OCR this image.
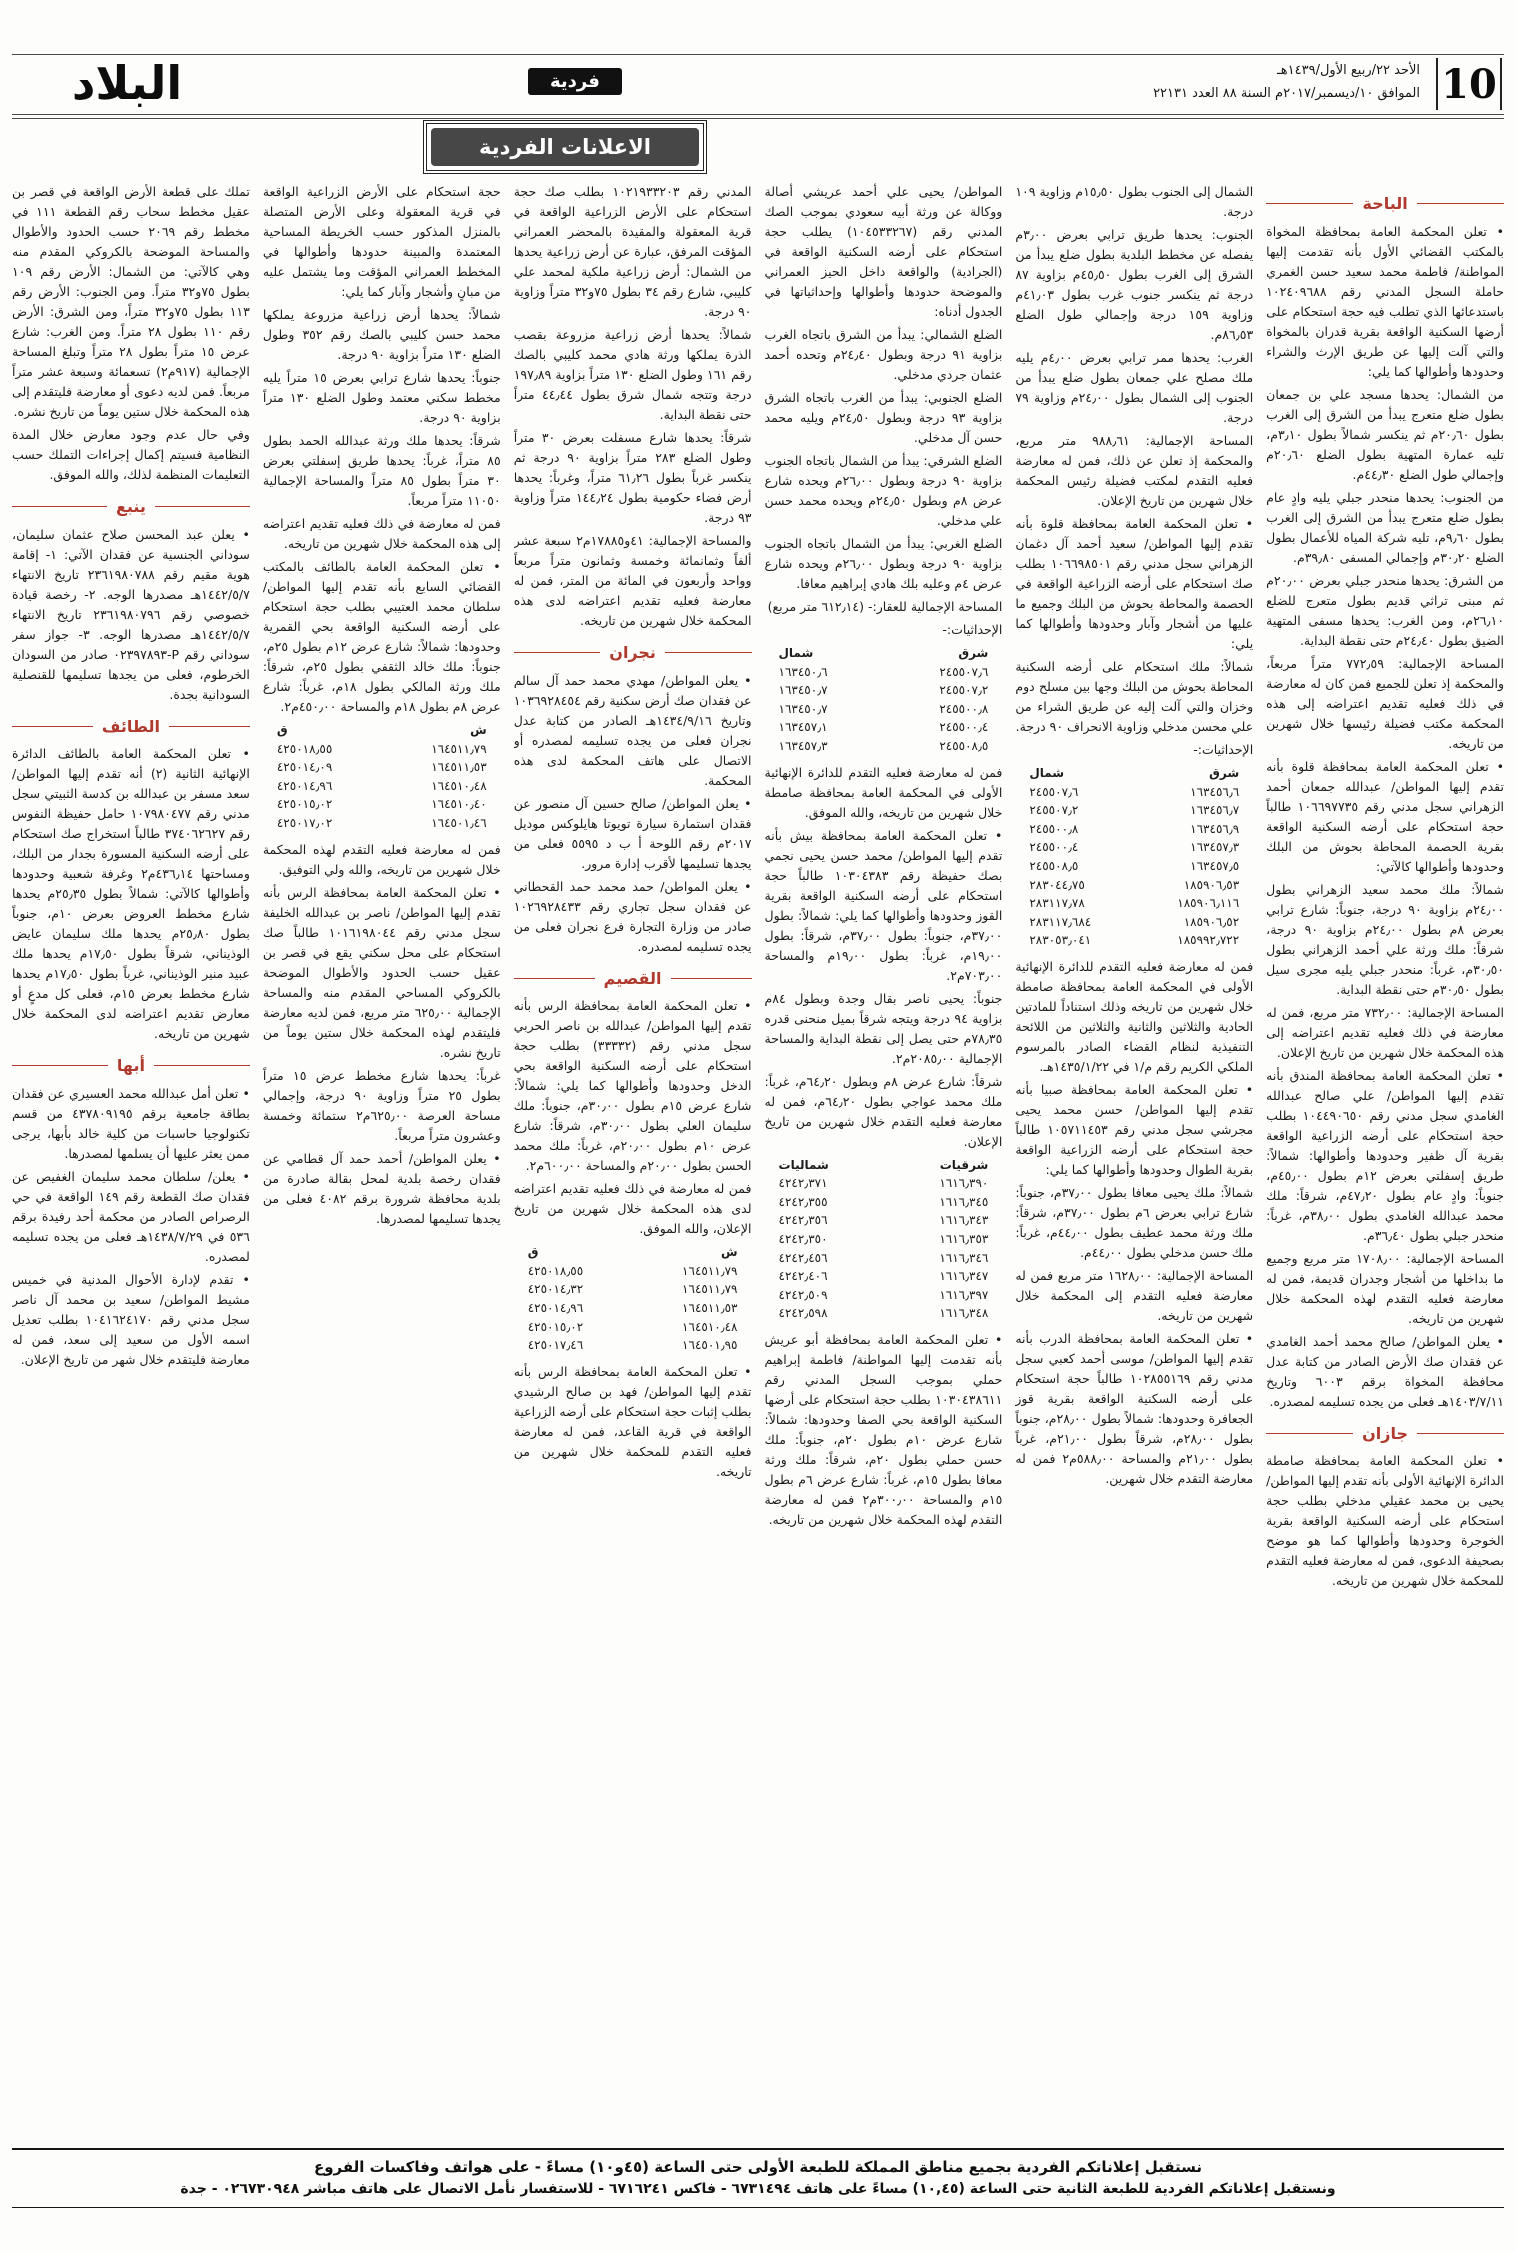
البلاد	فردية
الأحد ٢٢/ربيع الأول/١٤٣٩هـ
الموافق ١٠/ديسمبر/٢٠١٧م السنة ٨٨ العدد ٢٢١٣١ 10
الاعلانات الفردية
الباحة

• تعلن المحكمة العامة بمحافظة المخواة بالمكتب القضائي الأول بأنه تقدمت إليها المواطنة/ فاطمة محمد سعيد حسن الغمري حاملة السجل المدني رقم ١٠٢٤٠٩٦٨٨ باستدعائها الذي تطلب فيه حجة استحكام على أرضها السكنية الواقعة بقرية قدران بالمخواة والتي آلت إليها عن طريق الإرث والشراء وحدودها وأطوالها كما يلي:

من الشمال: يحدها مسجد علي بن جمعان بطول ضلع متعرج يبدأ من الشرق إلى الغرب بطول ٢٠٫٦٠م ثم ينكسر شمالاً بطول ٣٫١٠م، تليه عمارة المتهية بطول الضلع ٢٠٫٦٠م وإجمالي طول الضلع ٤٤٫٣٠م.

من الجنوب: يحدها منحدر جبلي يليه وادٍ عام بطول ضلع متعرج يبدأ من الشرق إلى الغرب بطول ٩٫٦٠م، تليه شركة المياه للأعمال بطول الضلع ٣٠٫٢٠م وإجمالي المسفى ٣٩٫٨٠م.

من الشرق: يحدها منحدر جبلي بعرض ٢٠٫٠٠م ثم مبنى تراثي قديم بطول متعرج للضلع ٢٦٫١٠م، ومن الغرب: يحدها مسفى المتهية الضيق بطول ٢٤٫٤٠م حتى نقطة البداية.

المساحة الإجمالية: ٧٧٢٫٥٩ متراً مربعاً، والمحكمة إذ تعلن للجميع فمن كان له معارضة في ذلك فعليه تقديم اعتراضه إلى هذه المحكمة مكتب فضيلة رئيسها خلال شهرين من تاريخه.

• تعلن المحكمة العامة بمحافظة قلوة بأنه تقدم إليها المواطن/ عبدالله جمعان أحمد الزهراني سجل مدني رقم ١٠٦٦٩٧٧٣٥ طالباً حجة استحكام على أرضه السكنية الواقعة بقرية الحصمة المحاطة بحوش من البلك وحدودها وأطوالها كالآتي:

شمالاً: ملك محمد سعيد الزهراني بطول ٢٤٫٠٠م بزاوية ٩٠ درجة، جنوباً: شارع ترابي بعرض ٨م بطول ٢٤٫٠٠م بزاوية ٩٠ درجة، شرقاً: ملك ورثة علي أحمد الزهراني بطول ٣٠٫٥٠م، غرباً: منحدر جبلي يليه مجرى سيل بطول ٣٠٫٥٠م حتى نقطة البداية.

المساحة الإجمالية: ٧٣٢٫٠٠ متر مربع، فمن له معارضة في ذلك فعليه تقديم اعتراضه إلى هذه المحكمة خلال شهرين من تاريخ الإعلان.

• تعلن المحكمة العامة بمحافظة المندق بأنه تقدم إليها المواطن/ علي صالح عبدالله الغامدي سجل مدني رقم ١٠٤٤٩٠٦٥٠ بطلب حجة استحكام على أرضه الزراعية الواقعة بقرية آل ظفير وحدودها وأطوالها: شمالاً: طريق إسفلتي بعرض ١٢م بطول ٤٥٫٠٠م، جنوباً: وادٍ عام بطول ٤٧٫٢٠م، شرقاً: ملك محمد عبدالله الغامدي بطول ٣٨٫٠٠م، غرباً: منحدر جبلي بطول ٣٦٫٤٠م.

المساحة الإجمالية: ١٧٠٨٫٠٠ متر مربع وجميع ما بداخلها من أشجار وجدران قديمة، فمن له معارضة فعليه التقدم لهذه المحكمة خلال شهرين من تاريخه.

• يعلن المواطن/ صالح محمد أحمد الغامدي عن فقدان صك الأرض الصادر من كتابة عدل محافظة المخواة برقم ٦٠٠٣ وتاريخ ١٤٠٣/٧/١١هـ فعلى من يجده تسليمه لمصدره.

جازان

• تعلن المحكمة العامة بمحافظة صامطة الدائرة الإنهائية الأولى بأنه تقدم إليها المواطن/ يحيى بن محمد عقيلي مدخلي بطلب حجة استحكام على أرضه السكنية الواقعة بقرية الخوجرة وحدودها وأطوالها كما هو موضح بصحيفة الدعوى، فمن له معارضة فعليه التقدم للمحكمة خلال شهرين من تاريخه.

الشمال إلى الجنوب بطول ١٥٫٥٠م وزاوية ١٠٩ درجة.

الجنوب: يحدها طريق ترابي بعرض ٣٫٠٠م يفصله عن مخطط البلدية بطول ضلع يبدأ من الشرق إلى الغرب بطول ٤٥٫٥٠م بزاوية ٨٧ درجة ثم ينكسر جنوب غرب بطول ٤١٫٠٣م وزاوية ١٥٩ درجة وإجمالي طول الضلع ٨٦٫٥٣م.

الغرب: يحدها ممر ترابي بعرض ٤٫٠٠م يليه ملك مصلح علي جمعان بطول ضلع يبدأ من الجنوب إلى الشمال بطول ٢٤٫٠٠م وزاوية ٧٩ درجة.

المساحة الإجمالية: ٩٨٨٫٦١ متر مربع، والمحكمة إذ تعلن عن ذلك، فمن له معارضة فعليه التقدم لمكتب فضيلة رئيس المحكمة خلال شهرين من تاريخ الإعلان.

• تعلن المحكمة العامة بمحافظة قلوة بأنه تقدم إليها المواطن/ سعيد أحمد آل دغمان الزهراني سجل مدني رقم ١٠٦٦٩٨٥٠١ بطلب صك استحكام على أرضه الزراعية الواقعة في الحصمة والمحاطة بحوش من البلك وجميع ما عليها من أشجار وآبار وحدودها وأطوالها كما يلي:

شمالاً: ملك استحكام على أرضه السكنية المحاطة بحوش من البلك وجها بين مسلح دوم وخزان والتي آلت إليه عن طريق الشراء من علي محسن مدخلي وزاوية الانحراف ٩٠ درجة.

الإحداثيات:-

شمال	شرق
٢٤٥٥٠٧٫٦	١٦٣٤٥٦٫٦
٢٤٥٥٠٧٫٢	١٦٣٤٥٦٫٧
٢٤٥٥٠٠٫٨	١٦٣٤٥٦٫٩
٢٤٥٥٠٠٫٤	١٦٣٤٥٧٫٣
٢٤٥٥٠٨٫٥	١٦٣٤٥٧٫٥
٢٨٣٠٤٤٫٧٥	١٨٥٩٠٦٫٥٣
٢٨٣١١٧٫٧٨	١٨٥٩٠٦٫١١٦
٢٨٣١١٧٫٦٨٤	١٨٥٩٠٦٫٥٢
٢٨٣٠٥٣٫٠٤١	١٨٥٩٩٢٫٧٢٢

فمن له معارضة فعليه التقدم للدائرة الإنهائية الأولى في المحكمة العامة بمحافظة صامطة خلال شهرين من تاريخه وذلك استناداً للمادتين الحادية والثلاثين والثانية والثلاثين من اللائحة التنفيذية لنظام القضاء الصادر بالمرسوم الملكي الكريم رقم م/١ في ١٤٣٥/١/٢٢هـ.

• تعلن المحكمة العامة بمحافظة صبيا بأنه تقدم إليها المواطن/ حسن محمد يحيى مجرشي سجل مدني رقم ١٠٥٧١١٤٥٣ طالباً حجة استحكام على أرضه الزراعية الواقعة بقرية الطوال وحدودها وأطوالها كما يلي:

شمالاً: ملك يحيى معافا بطول ٣٧٫٠٠م، جنوباً: شارع ترابي بعرض ٦م بطول ٣٧٫٠٠م، شرقاً: ملك ورثة محمد عطيف بطول ٤٤٫٠٠م، غرباً: ملك حسن مدخلي بطول ٤٤٫٠٠م.

المساحة الإجمالية: ١٦٢٨٫٠٠ متر مربع فمن له معارضة فعليه التقدم إلى المحكمة خلال شهرين من تاريخه.

• تعلن المحكمة العامة بمحافظة الدرب بأنه تقدم إليها المواطن/ موسى أحمد كعبي سجل مدني رقم ١٠٢٨٥٥١٦٩ طالباً حجة استحكام على أرضه السكنية الواقعة بقرية قوز الجعافرة وحدودها: شمالاً بطول ٢٨٫٠٠م، جنوباً بطول ٢٨٫٠٠م، شرقاً بطول ٢١٫٠٠م، غرباً بطول ٢١٫٠٠م والمساحة ٥٨٨٫٠٠م٢ فمن له معارضة التقدم خلال شهرين.

المواطن/ يحيى علي أحمد عريشي أصالة ووكالة عن ورثة أبيه سعودي بموجب الصك المدني رقم (١٠٤٥٣٣٢٦٧) يطلب حجة استحكام على أرضه السكنية الواقعة في (الجرادية) والواقعة داخل الحيز العمراني والموضحة حدودها وأطوالها وإحداثياتها في الجدول أدناه:

الضلع الشمالي: يبدأ من الشرق باتجاه الغرب بزاوية ٩١ درجة وبطول ٢٤٫٤٠م وتحده أحمد عثمان جردي مدخلي.

الضلع الجنوبي: يبدأ من الغرب باتجاه الشرق بزاوية ٩٣ درجة وبطول ٢٤٫٥٠م ويليه محمد حسن آل مدخلي.

الضلع الشرقي: يبدأ من الشمال باتجاه الجنوب بزاوية ٩٠ درجة وبطول ٢٦٫٠٠م ويحده شارع عرض ٨م وبطول ٢٤٫٥٠م ويحده محمد حسن علي مدخلي.

الضلع الغربي: يبدأ من الشمال باتجاه الجنوب بزاوية ٩٠ درجة وبطول ٢٦٫٠٠م ويحده شارع عرض ٤م وعليه بلك هادي إبراهيم معافا.

المساحة الإجمالية للعقار:- (٦١٢٫١٤ متر مربع)

الإحداثيات:-

شمال	شرق
١٦٣٤٥٠٫٦	٢٤٥٥٠٧٫٦
١٦٣٤٥٠٫٧	٢٤٥٥٠٧٫٢
١٦٣٤٥٠٫٧	٢٤٥٥٠٠٫٨
١٦٣٤٥٧٫١	٢٤٥٥٠٠٫٤
١٦٣٤٥٧٫٣	٢٤٥٥٠٨٫٥

فمن له معارضة فعليه التقدم للدائرة الإنهائية الأولى في المحكمة العامة بمحافظة صامطة خلال شهرين من تاريخه، والله الموفق.

• تعلن المحكمة العامة بمحافظة بيش بأنه تقدم إليها المواطن/ محمد حسن يحيى نجمي بصك حفيظة رقم ١٠٣٠٤٣٨٣ طالباً حجة استحكام على أرضه السكنية الواقعة بقرية القوز وحدودها وأطوالها كما يلي: شمالاً: بطول ٣٧٫٠٠م، جنوباً: بطول ٣٧٫٠٠م، شرقاً: بطول ١٩٫٠٠م، غرباً: بطول ١٩٫٠٠م والمساحة ٧٠٣٫٠٠م٢.

جنوباً: يحيى ناصر بقال وجدة وبطول ٨٤م بزاوية ٩٤ درجة ويتجه شرقاً بميل منحنى قدره ٧٨٫٣٥م حتى يصل إلى نقطة البداية والمساحة الإجمالية ٢٠٨٥٫٠٠م٢.

شرقاً: شارع عرض ٨م وبطول ٦٤٫٢٠م، غرباً: ملك محمد عواجي بطول ٦٤٫٢٠م، فمن له معارضة فعليه التقدم خلال شهرين من تاريخ الإعلان.

شماليات	شرقيات
٤٢٤٢٫٣٧١	١٦١٦٫٣٩٠
٤٢٤٢٫٣٥٥	١٦١٦٫٣٤٥
٤٢٤٢٫٣٥٦	١٦١٦٫٣٤٣
٤٢٤٢٫٣٥٠	١٦١٦٫٣٥٣
٤٢٤٢٫٤٥٦	١٦١٦٫٣٤٦
٤٢٤٢٫٤٠٦	١٦١٦٫٣٤٧
٤٢٤٢٫٥٠٩	١٦١٦٫٣٩٧
٤٢٤٢٫٥٩٨	١٦١٦٫٣٤٨

• تعلن المحكمة العامة بمحافظة أبو عريش بأنه تقدمت إليها المواطنة/ فاطمة إبراهيم حملي بموجب السجل المدني رقم ١٠٣٠٤٣٨٦١١ بطلب حجة استحكام على أرضها السكنية الواقعة بحي الصفا وحدودها: شمالاً: شارع عرض ١٠م بطول ٢٠م، جنوباً: ملك حسن حملي بطول ٢٠م، شرقاً: ملك ورثة معافا بطول ١٥م، غرباً: شارع عرض ٦م بطول ١٥م والمساحة ٣٠٠٫٠٠م٢ فمن له معارضة التقدم لهذه المحكمة خلال شهرين من تاريخه.

المدني رقم ١٠٢١٩٣٣٢٠٣ بطلب صك حجة استحكام على الأرض الزراعية الواقعة في قرية المعقولة والمقيدة بالمحضر العمراني المؤقت المرفق، عبارة عن أرض زراعية يحدها من الشمال: أرض زراعية ملكية لمحمد علي كليبي، شارع رقم ٣٤ بطول ٧٥و٣٢ متراً وزاوية ٩٠ درجة.

شمالاً: يحدها أرض زراعية مزروعة بقصب الذرة يملكها ورثة هادي محمد كليبي بالصك رقم ١٦١ وطول الضلع ١٣٠ متراً بزاوية ١٩٧٫٨٩ درجة وتتجه شمال شرق بطول ٤٤٫٤٤ متراً حتى نقطة البداية.

شرقاً: يحدها شارع مسفلت بعرض ٣٠ متراً وطول الضلع ٢٨٣ متراً بزاوية ٩٠ درجة ثم ينكسر غرباً بطول ٦١٫٢٦ متراً، وغرباً: يحدها أرض فضاء حكومية بطول ١٤٤٫٢٤ متراً وزاوية ٩٣ درجة.

والمساحة الإجمالية: ٤١و١٧٨٨٥م٢ سبعة عشر ألفاً وثمانمائة وخمسة وثمانون متراً مربعاً وواحد وأربعون في المائة من المتر، فمن له معارضة فعليه تقديم اعتراضه لدى هذه المحكمة خلال شهرين من تاريخه.

نجران

• يعلن المواطن/ مهدي محمد حمد آل سالم عن فقدان صك أرض سكنية رقم ١٠٣٦٩٢٨٤٥٤ وتاريخ ١٤٣٤/٩/١٦هـ الصادر من كتابة عدل نجران فعلى من يجده تسليمه لمصدره أو الاتصال على هاتف المحكمة لدى هذه المحكمة.

• يعلن المواطن/ صالح حسين آل منصور عن فقدان استمارة سيارة تويوتا هايلوكس موديل ٢٠١٧م رقم اللوحة أ ب د ٥٥٩٥ فعلى من يجدها تسليمها لأقرب إدارة مرور.

• يعلن المواطن/ حمد محمد حمد القحطاني عن فقدان سجل تجاري رقم ١٠٢٦٩٢٨٤٣٣ صادر من وزارة التجارة فرع نجران فعلى من يجده تسليمه لمصدره.

القصيم

• تعلن المحكمة العامة بمحافظة الرس بأنه تقدم إليها المواطن/ عبدالله بن ناصر الحربي سجل مدني رقم (٣٣٣٣٢) بطلب حجة استحكام على أرضه السكنية الواقعة بحي الدخل وحدودها وأطوالها كما يلي: شمالاً: شارع عرض ١٥م بطول ٣٠٫٠٠م، جنوباً: ملك سليمان العلي بطول ٣٠٫٠٠م، شرقاً: شارع عرض ١٠م بطول ٢٠٫٠٠م، غرباً: ملك محمد الحسن بطول ٢٠٫٠٠م والمساحة ٦٠٠٫٠٠م٢.

فمن له معارضة في ذلك فعليه تقديم اعتراضه لدى هذه المحكمة خلال شهرين من تاريخ الإعلان، والله الموفق.

ق	ش
٤٢٥٠١٨٫٥٥	١٦٤٥١١٫٧٩
٤٢٥٠١٤٫٣٢	١٦٤٥١١٫٧٩
٤٢٥٠١٤٫٩٦	١٦٤٥١١٫٥٣
٤٢٥٠١٥٫٠٢	١٦٤٥١٠٫٤٨
٤٢٥٠١٧٫٤٦	١٦٤٥٠١٫٩٥

• تعلن المحكمة العامة بمحافظة الرس بأنه تقدم إليها المواطن/ فهد بن صالح الرشيدي بطلب إثبات حجة استحكام على أرضه الزراعية الواقعة في قرية القاعد، فمن له معارضة فعليه التقدم للمحكمة خلال شهرين من تاريخه.

حجة استحكام على الأرض الزراعية الواقعة في قرية المعقولة وعلى الأرض المتصلة بالمنزل المذكور حسب الخريطة المساحية المعتمدة والمبينة حدودها وأطوالها في المخطط العمراني المؤقت وما يشتمل عليه من مبانٍ وأشجار وآبار كما يلي:

شمالاً: يحدها أرض زراعية مزروعة يملكها محمد حسن كليبي بالصك رقم ٣٥٢ وطول الضلع ١٣٠ متراً بزاوية ٩٠ درجة.

جنوباً: يحدها شارع ترابي بعرض ١٥ متراً يليه مخطط سكني معتمد وطول الضلع ١٣٠ متراً بزاوية ٩٠ درجة.

شرقاً: يحدها ملك ورثة عبدالله الحمد بطول ٨٥ متراً، غرباً: يحدها طريق إسفلتي بعرض ٣٠ متراً بطول ٨٥ متراً والمساحة الإجمالية ١١٠٥٠ متراً مربعاً.

فمن له معارضة في ذلك فعليه تقديم اعتراضه إلى هذه المحكمة خلال شهرين من تاريخه.

• تعلن المحكمة العامة بالطائف بالمكتب القضائي السابع بأنه تقدم إليها المواطن/ سلطان محمد العتيبي بطلب حجة استحكام على أرضه السكنية الواقعة بحي القمرية وحدودها: شمالاً: شارع عرض ١٢م بطول ٢٥م، جنوباً: ملك خالد الثقفي بطول ٢٥م، شرقاً: ملك ورثة المالكي بطول ١٨م، غرباً: شارع عرض ٨م بطول ١٨م والمساحة ٤٥٠٫٠٠م٢.

ق	ش
٤٢٥٠١٨٫٥٥	١٦٤٥١١٫٧٩
٤٢٥٠١٤٫٠٩	١٦٤٥١١٫٥٣
٤٢٥٠١٤٫٩٦	١٦٤٥١٠٫٤٨
٤٢٥٠١٥٫٠٢	١٦٤٥١٠٫٤٠
٤٢٥٠١٧٫٠٢	١٦٤٥٠١٫٤٦

فمن له معارضة فعليه التقدم لهذه المحكمة خلال شهرين من تاريخه، والله ولي التوفيق.

• تعلن المحكمة العامة بمحافظة الرس بأنه تقدم إليها المواطن/ ناصر بن عبدالله الخليفة سجل مدني رقم ١٠١٦١٩٨٠٤٤ طالباً صك استحكام على محل سكني يقع في قصر بن عقيل حسب الحدود والأطوال الموضحة بالكروكي المساحي المقدم منه والمساحة الإجمالية ٦٢٥٫٠٠ متر مربع، فمن لديه معارضة فليتقدم لهذه المحكمة خلال ستين يوماً من تاريخ نشره.

غرباً: يحدها شارع مخطط عرض ١٥ متراً بطول ٢٥ متراً وزاوية ٩٠ درجة، وإجمالي مساحة العرصة ٦٢٥٫٠٠م٢ ستمائة وخمسة وعشرون متراً مربعاً.

• يعلن المواطن/ أحمد حمد آل قطامي عن فقدان رخصة بلدية لمحل بقالة صادرة من بلدية محافظة شرورة برقم ٤٠٨٢ فعلى من يجدها تسليمها لمصدرها.

تملك على قطعة الأرض الواقعة في قصر بن عقيل مخطط سحاب رقم القطعة ١١١ في مخطط رقم ٢٠٦٩ حسب الحدود والأطوال والمساحة الموضحة بالكروكي المقدم منه وهي كالآتي: من الشمال: الأرض رقم ١٠٩ بطول ٧٥و٣٢ متراً. ومن الجنوب: الأرض رقم ١١٣ بطول ٧٥و٣٢ متراً، ومن الشرق: الأرض رقم ١١٠ بطول ٢٨ متراً. ومن الغرب: شارع عرض ١٥ متراً بطول ٢٨ متراً وتبلغ المساحة الإجمالية (٩١٧م٢) تسعمائة وسبعة عشر متراً مربعاً. فمن لديه دعوى أو معارضة فليتقدم إلى هذه المحكمة خلال ستين يوماً من تاريخ نشره.

وفي حال عدم وجود معارض خلال المدة النظامية فسيتم إكمال إجراءات التملك حسب التعليمات المنظمة لذلك، والله الموفق.

ينبع

• يعلن عبد المحسن صلاح عثمان سليمان، سوداني الجنسية عن فقدان الآتي: ١- إقامة هوية مقيم رقم ٢٣٦١٩٨٠٧٨٨ تاريخ الانتهاء ١٤٤٢/٥/٧هـ مصدرها الوجه. ٢- رخصة قيادة خصوصي رقم ٢٣٦١٩٨٠٧٩٦ تاريخ الانتهاء ١٤٤٢/٥/٧هـ مصدرها الوجه. ٣- جواز سفر سوداني رقم P-٠٢٣٩٧٨٩٣ صادر من السودان الخرطوم، فعلى من يجدها تسليمها للقنصلية السودانية بجدة.

الطائف

• تعلن المحكمة العامة بالطائف الدائرة الإنهائية الثانية (٢) أنه تقدم إليها المواطن/ سعد مسفر بن عبدالله بن كدسة الثبيتي سجل مدني رقم ١٠٧٩٨٠٤٧٧ حامل حفيظة النفوس رقم ٣٧٤٠٦٢٦٢٧ طالباً استخراج صك استحكام على أرضه السكنية المسورة بجدار من البلك، ومساحتها ٤٣٦٫١٤م٢ وغرفة شعبية وحدودها وأطوالها كالآتي: شمالاً بطول ٢٥٫٣٥م يحدها شارع مخطط العروض بعرض ١٠م، جنوباً بطول ٢٥٫٨٠م يحدها ملك سليمان عايض الوذيناني، شرقاً بطول ١٧٫٥٠م يحدها ملك عبيد منير الوذيناني، غرباً بطول ١٧٫٥٠م يحدها شارع مخطط بعرض ١٥م، فعلى كل مدعٍ أو معارض تقديم اعتراضه لدى المحكمة خلال شهرين من تاريخه.

أبها

• تعلن أمل عبدالله محمد العسيري عن فقدان بطاقة جامعية برقم ٤٣٧٨٠٩١٩٥ من قسم تكنولوجيا حاسبات من كلية خالد بأبها، يرجى ممن يعثر عليها أن يسلمها لمصدرها.

• يعلن/ سلطان محمد سليمان الغفيص عن فقدان صك القطعة رقم ١٤٩ الواقعة في حي الرصراص الصادر من محكمة أحد رفيدة برقم ٥٣٦ في ١٤٣٨/٧/٢٩هـ فعلى من يجده تسليمه لمصدره.

• تقدم لإدارة الأحوال المدنية في خميس مشيط المواطن/ سعيد بن محمد آل ناصر سجل مدني رقم ١٠٤١٦٢٤١٧٠ بطلب تعديل اسمه الأول من سعيد إلى سعد، فمن له معارضة فليتقدم خلال شهر من تاريخ الإعلان.

نستقبل إعلاناتكم الفردية بجميع مناطق المملكة للطبعة الأولى حتى الساعة (٤٥و١٠) مساءً - على هواتف وفاكسات الفروع
ونستقبل إعلاناتكم الفردية للطبعة الثانية حتى الساعة (١٠,٤٥) مساءً على هاتف ٦٧٣١٤٩٤ - فاكس ٦٧١٦٢٤١ - للاستفسار نأمل الاتصال على هاتف مباشر ٠٢٦٧٣٠٩٤٨ - جدة
